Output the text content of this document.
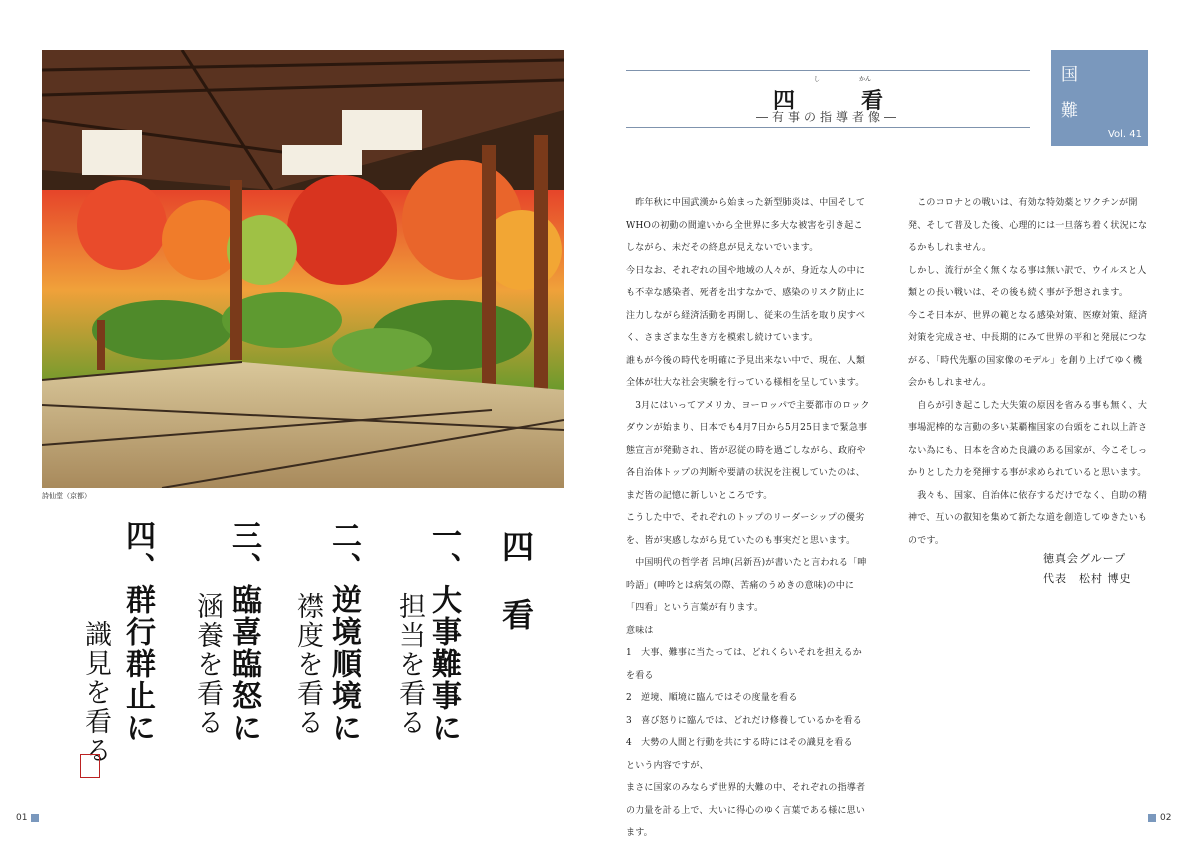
詩仙堂（京都）
四　看
一、大事難事に
担当を看る
二、逆境順境に
襟度を看る
三、臨喜臨怒に
涵養を看る
四、群行群止に
識見を看る
し	かん
四　看
―有事の指導者像―
国
難
Vol. 41

　昨年秋に中国武漢から始まった新型肺炎は、中国そしてWHOの初動の間違いから全世界に多大な被害を引き起こしながら、未だその終息が見えないでいます。

今日なお、それぞれの国や地域の人々が、身近な人の中にも不幸な感染者、死者を出すなかで、感染のリスク防止に注力しながら経済活動を再開し、従来の生活を取り戻すべく、さまざまな生き方を模索し続けています。

誰もが今後の時代を明確に予見出来ない中で、現在、人類全体が壮大な社会実験を行っている様相を呈しています。

　3月にはいってアメリカ、ヨーロッパで主要都市のロックダウンが始まり、日本でも4月7日から5月25日まで緊急事態宣言が発動され、皆が忍従の時を過ごしながら、政府や各自治体トップの判断や要請の状況を注視していたのは、まだ皆の記憶に新しいところです。

こうした中で、それぞれのトップのリーダーシップの優劣を、皆が実感しながら見ていたのも事実だと思います。

　中国明代の哲学者 呂坤(呂新吾)が書いたと言われる「呻吟語」(呻吟とは病気の際、苦痛のうめきの意味)の中に「四看」という言葉が有ります。

意味は

1　大事、難事に当たっては、どれくらいそれを担えるかを看る

2　逆境、順境に臨んではその度量を看る

3　喜び怒りに臨んでは、どれだけ修養しているかを看る

4　大勢の人間と行動を共にする時にはその識見を看る

という内容ですが、

まさに国家のみならず世界的大難の中、それぞれの指導者の力量を計る上で、大いに得心のゆく言葉である様に思います。

　このコロナとの戦いは、有効な特効薬とワクチンが開発、そして普及した後、心理的には一旦落ち着く状況になるかもしれません。

しかし、流行が全く無くなる事は無い訳で、ウイルスと人類との長い戦いは、その後も続く事が予想されます。

今こそ日本が、世界の範となる感染対策、医療対策、経済対策を完成させ、中長期的にみて世界の平和と発展につながる、「時代先駆の国家像のモデル」を創り上げてゆく機会かもしれません。

　自らが引き起こした大失策の原因を省みる事も無く、大事場泥棒的な言動の多い某覇権国家の台頭をこれ以上許さない為にも、日本を含めた良識のある国家が、今こそしっかりとした力を発揮する事が求められていると思います。

　我々も、国家、自治体に依存するだけでなく、自助の精神で、互いの叡知を集めて新たな道を創造してゆきたいものです。

徳真会グループ

代表　松村 博史

01	02
